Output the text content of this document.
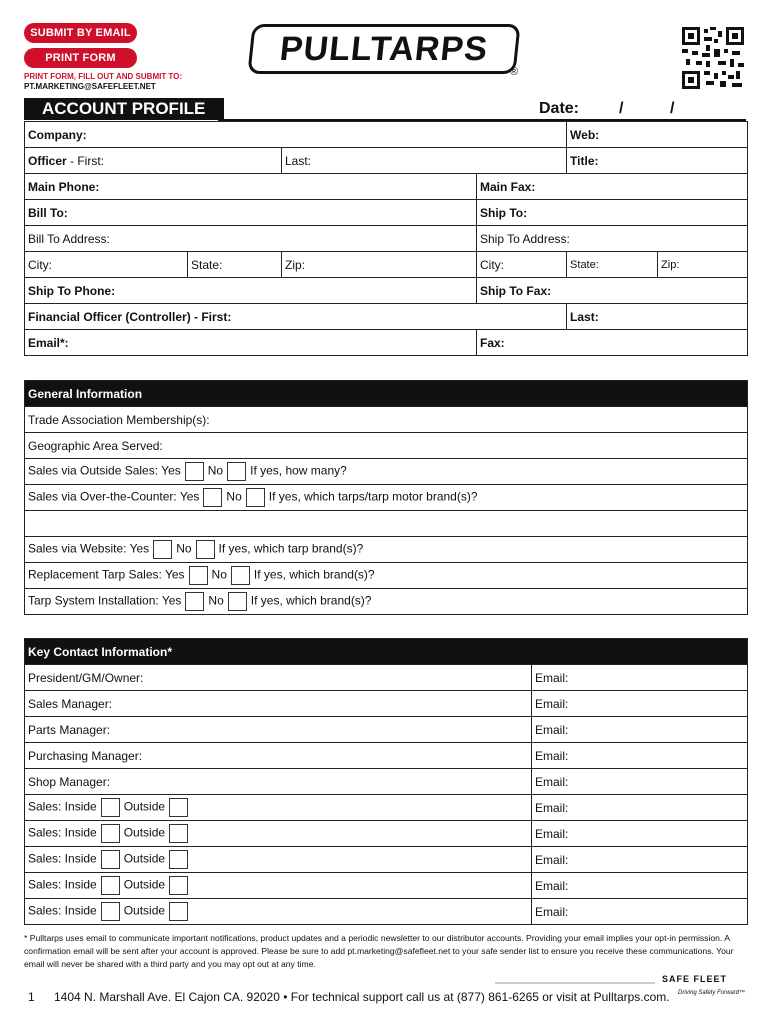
SUBMIT BY EMAIL
PRINT FORM
PRINT FORM, FILL OUT AND SUBMIT TO:
PT.MARKETING@SAFEFLEET.NET
PULLTARPS
®
ACCOUNT PROFILE	Date: /	/
Company:				Web:	
Officer - First:		Last:		Title:	
Main Phone:			Main Fax:		
Bill To:			Ship To:		
Bill To Address:			Ship To Address:		
City:	State:	Zip:	City:	State:	Zip:
Ship To Phone:			Ship To Fax:		
Financial Officer (Controller) - First:				Last:	
Email*:			Fax:		
General Information
Trade Association Membership(s):
Geographic Area Served:
Sales via Outside Sales: Yes No If yes, how many?
Sales via Over-the-Counter: Yes No If yes, which tarps/tarp motor brand(s)?

Sales via Website: Yes No If yes, which tarp brand(s)?
Replacement Tarp Sales: Yes No If yes, which brand(s)?
Tarp System Installation: Yes No If yes, which brand(s)?
Key Contact Information*	
President/GM/Owner:	Email:
Sales Manager:	Email:
Parts Manager:	Email:
Purchasing Manager:	Email:
Shop Manager:	Email:
Sales: Inside Outside	Email:
Sales: Inside Outside	Email:
Sales: Inside Outside	Email:
Sales: Inside Outside	Email:
Sales: Inside Outside	Email:
* Pulltarps uses email to communicate important notifications, product updates and a periodic newsletter to our distributor accounts. Providing your email implies your opt-in permission. A confirmation email will be sent after your account is approved. Please be sure to add pt.marketing@safefleet.net to your safe sender list to ensure you receive these communications. Your email will never be shared with a third party and you may opt out at any time.
SAFE FLEET
Driving Safety Forward™
1 1404 N. Marshall Ave. El Cajon CA. 92020 • For technical support call us at (877) 861-6265 or visit at Pulltarps.com.
